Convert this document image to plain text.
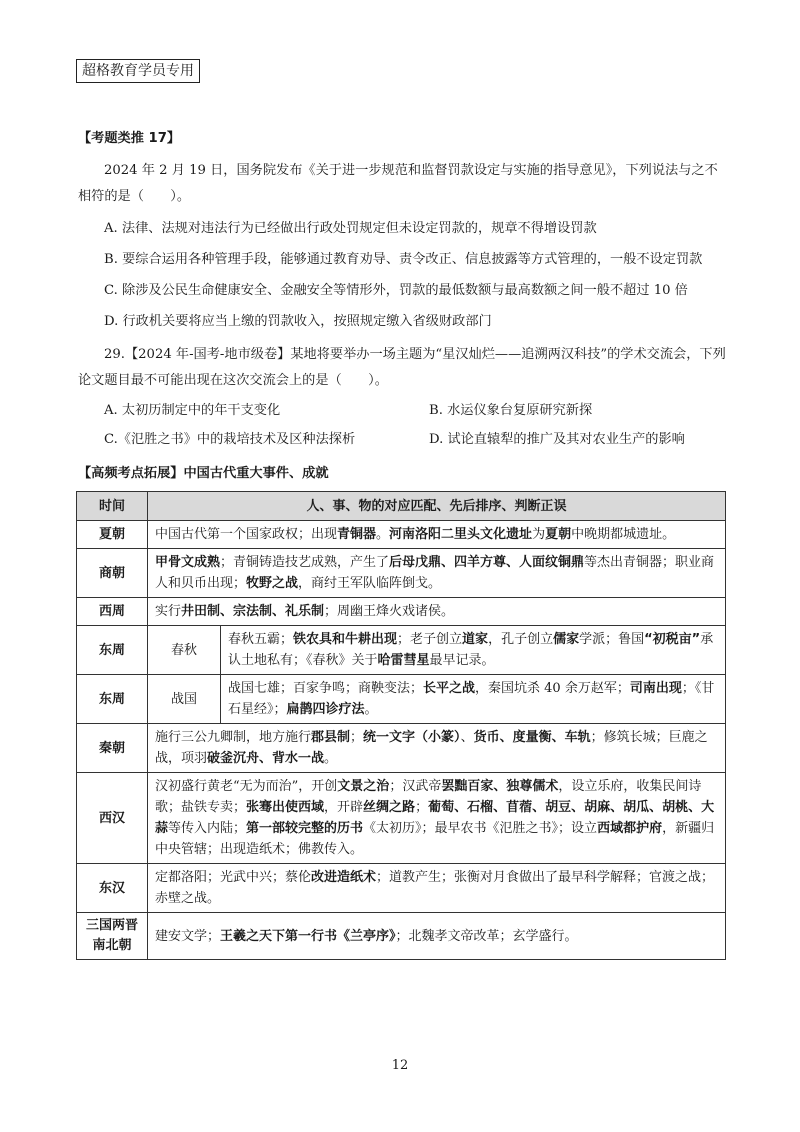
超格教育学员专用
【考题类推 17】
2024 年 2 月 19 日，国务院发布《关于进一步规范和监督罚款设定与实施的指导意见》，下列说法与之不相符的是（　　）。
A. 法律、法规对违法行为已经做出行政处罚规定但未设定罚款的，规章不得增设罚款
B. 要综合运用各种管理手段，能够通过教育劝导、责令改正、信息披露等方式管理的，一般不设定罚款
C. 除涉及公民生命健康安全、金融安全等情形外，罚款的最低数额与最高数额之间一般不超过 10 倍
D. 行政机关要将应当上缴的罚款收入，按照规定缴入省级财政部门
29.【2024 年-国考-地市级卷】某地将要举办一场主题为“星汉灿烂——追溯两汉科技”的学术交流会，下列论文题目最不可能出现在这次交流会上的是（　　）。
A. 太初历制定中的年干支变化	B. 水运仪象台复原研究新探
C.《氾胜之书》中的栽培技术及区种法探析	D. 试论直辕犁的推广及其对农业生产的影响
【高频考点拓展】中国古代重大事件、成就
时间	人、事、物的对应匹配、先后排序、判断正误	
夏朝	中国古代第一个国家政权；出现青铜器。河南洛阳二里头文化遗址为夏朝中晚期都城遗址。	
商朝	甲骨文成熟；青铜铸造技艺成熟，产生了后母戊鼎、四羊方尊、人面纹铜鼎等杰出青铜器；职业商人和贝币出现；牧野之战，商纣王军队临阵倒戈。	
西周	实行井田制、宗法制、礼乐制；周幽王烽火戏诸侯。	
东周	春秋	春秋五霸；铁农具和牛耕出现；老子创立道家，孔子创立儒家学派；鲁国“初税亩”承认土地私有；《春秋》关于哈雷彗星最早记录。
东周	战国	战国七雄；百家争鸣；商鞅变法；长平之战，秦国坑杀 40 余万赵军；司南出现；《甘石星经》；扁鹊四诊疗法。
秦朝	施行三公九卿制，地方施行郡县制；统一文字（小篆）、货币、度量衡、车轨；修筑长城；巨鹿之战，项羽破釜沉舟、背水一战。	
西汉	汉初盛行黄老“无为而治”，开创文景之治；汉武帝罢黜百家、独尊儒术，设立乐府，收集民间诗歌；盐铁专卖；张骞出使西域，开辟丝绸之路；葡萄、石榴、苜蓿、胡豆、胡麻、胡瓜、胡桃、大蒜等传入内陆；第一部较完整的历书《太初历》；最早农书《氾胜之书》；设立西域都护府，新疆归中央管辖；出现造纸术；佛教传入。	
东汉	定都洛阳；光武中兴；蔡伦改进造纸术；道教产生；张衡对月食做出了最早科学解释；官渡之战；赤壁之战。	
三国两晋南北朝	建安文学；王羲之天下第一行书《兰亭序》；北魏孝文帝改革；玄学盛行。	
12
